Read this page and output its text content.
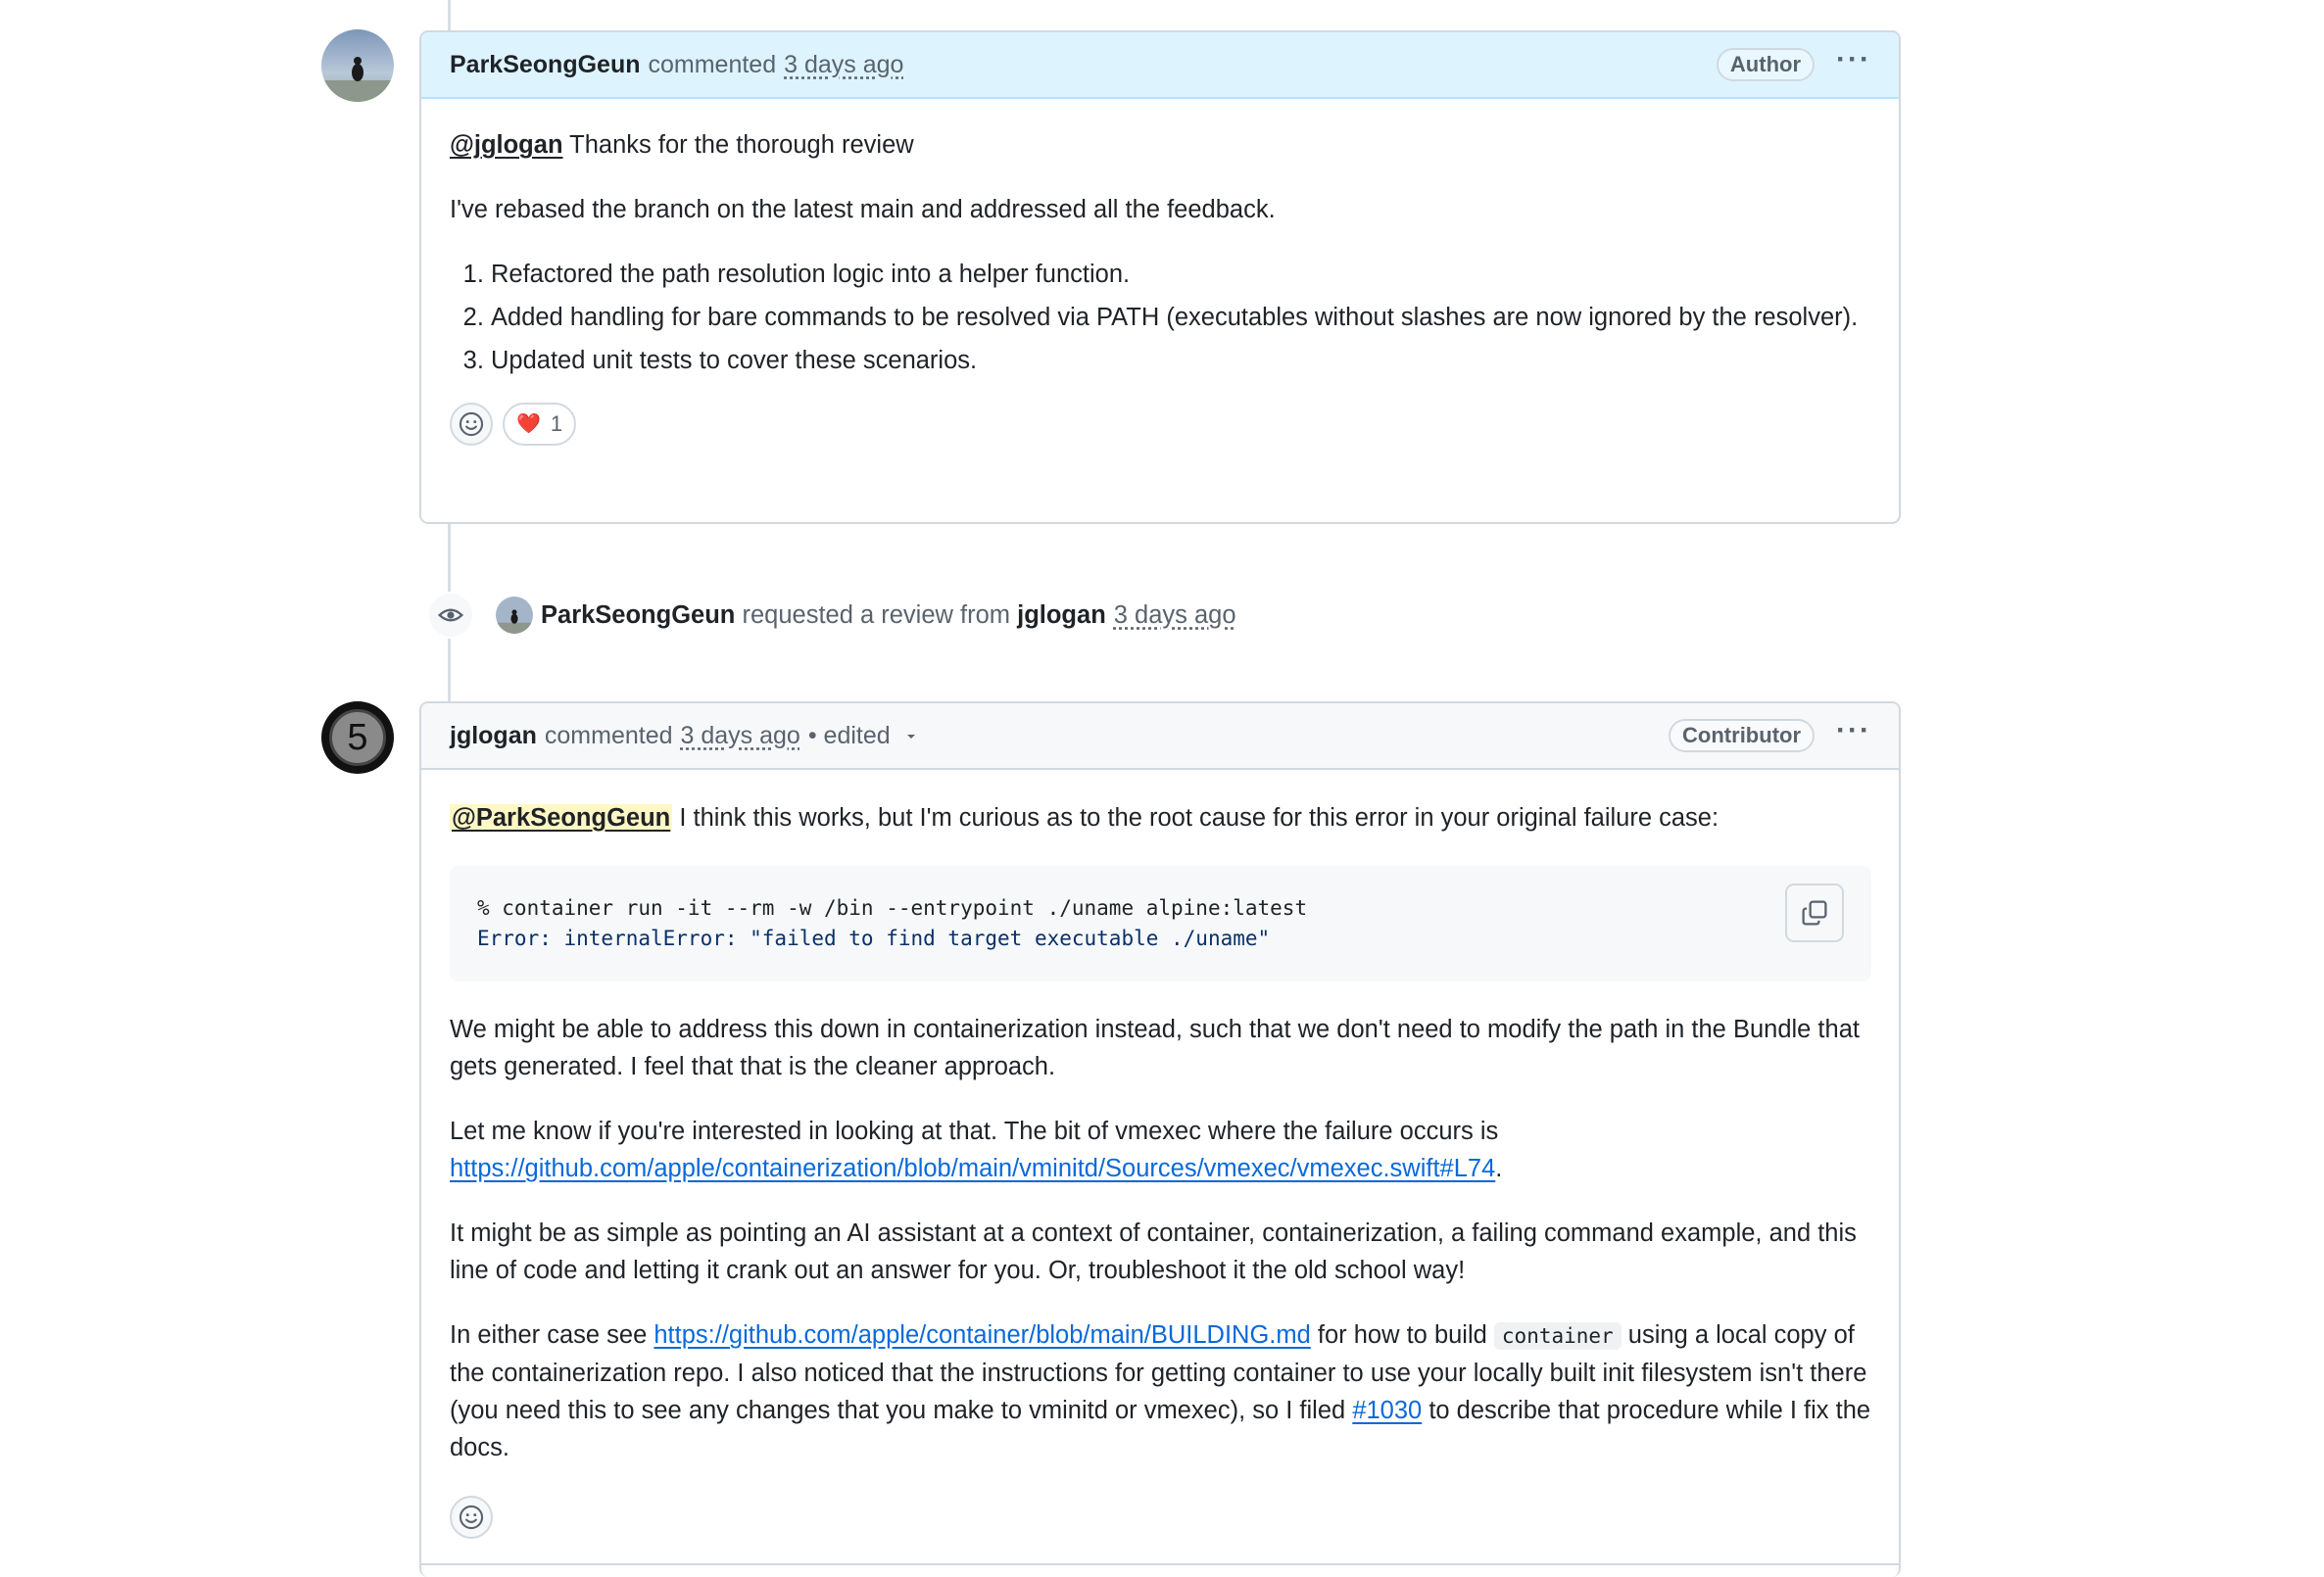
ParkSeongGeun commented 3 days ago	Author	···

@jglogan Thanks for the thorough review

I've rebased the branch on the latest main and addressed all the feedback.

1. Refactored the path resolution logic into a helper function.
2. Added handling for bare commands to be resolved via PATH (executables without slashes are now ignored by the resolver).
3. Updated unit tests to cover these scenarios.
❤️ 1
ParkSeongGeun requested a review from jglogan 3 days ago
5	jglogan commented 3 days ago • edited	Contributor	···

@ParkSeongGeun I think this works, but I'm curious as to the root cause for this error in your original failure case:

% container run -it --rm -w /bin --entrypoint ./uname alpine:latest
Error: internalError: "failed to find target executable ./uname"

We might be able to address this down in containerization instead, such that we don't need to modify the path in the Bundle that gets generated. I feel that that is the cleaner approach.

Let me know if you're interested in looking at that. The bit of vmexec where the failure occurs is
https://github.com/apple/containerization/blob/main/vminitd/Sources/vmexec/vmexec.swift#L74.

It might be as simple as pointing an AI assistant at a context of container, containerization, a failing command example, and this line of code and letting it crank out an answer for you. Or, troubleshoot it the old school way!

In either case see https://github.com/apple/container/blob/main/BUILDING.md for how to build container using a local copy of the containerization repo. I also noticed that the instructions for getting container to use your locally built init filesystem isn't there (you need this to see any changes that you make to vminitd or vmexec), so I filed #1030 to describe that procedure while I fix the docs.
